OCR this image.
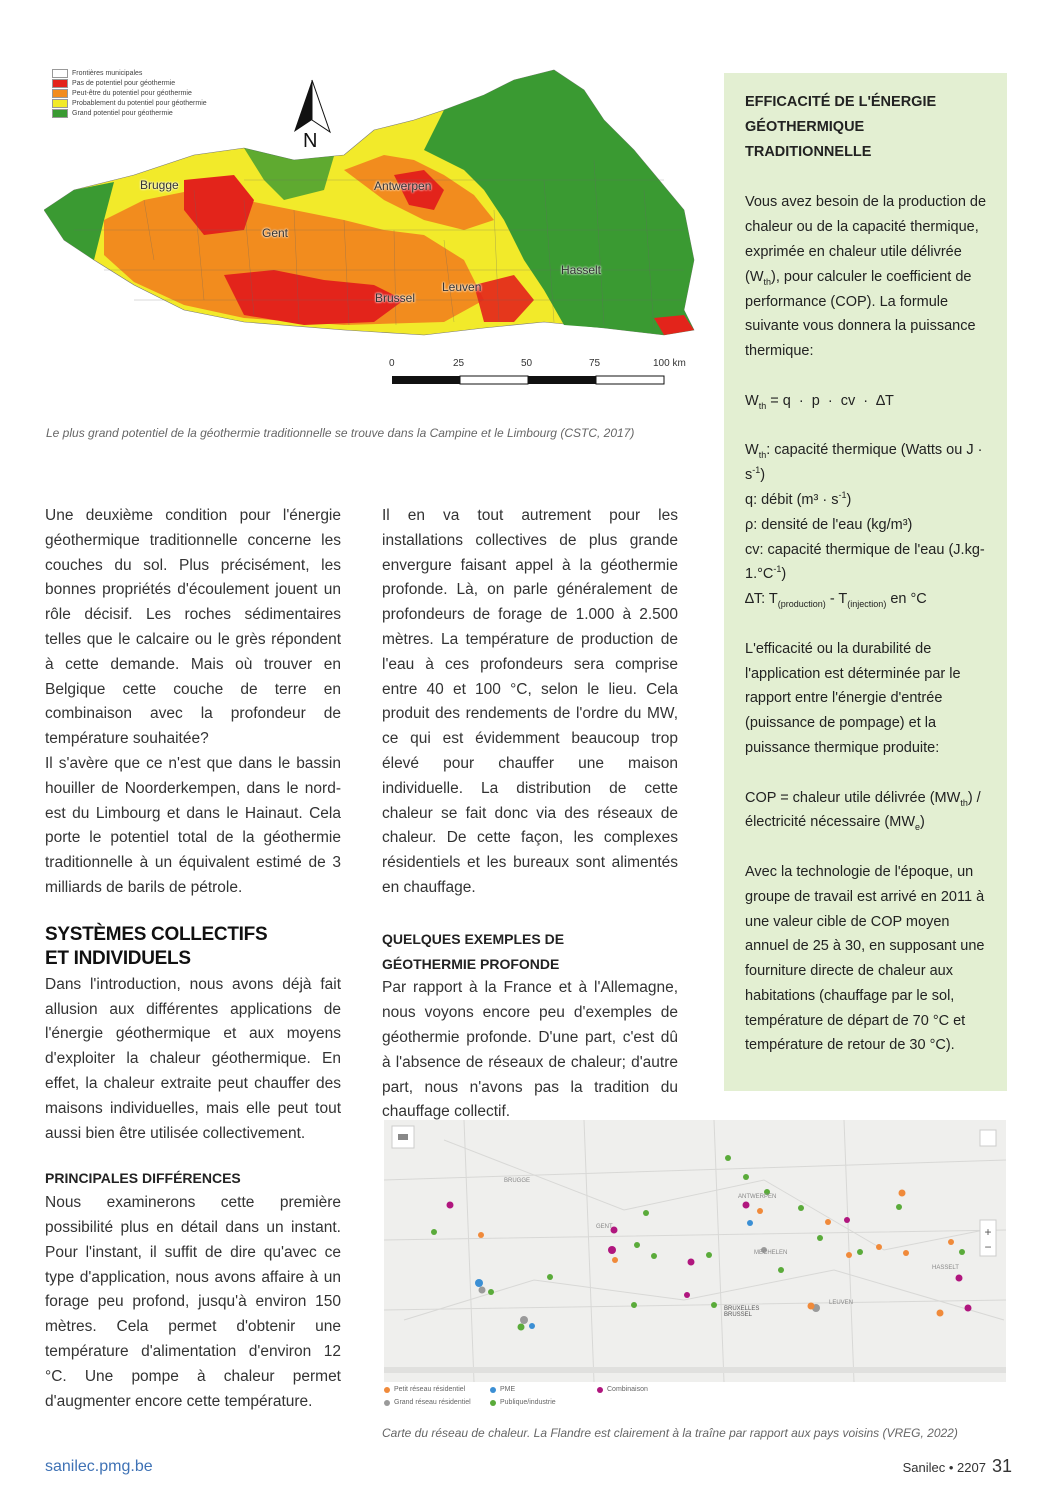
Frontières municipales
Pas de potentiel pour géothermie
Peut-être du potentiel pour géothermie
Probablement du potentiel pour géothermie
Grand potentiel pour géothermie
N
Brugge
Gent
Antwerpen
Hasselt
Brussel
Leuven
0	25	50	75	100 km
Le plus grand potentiel de la géothermie traditionnelle se trouve dans la Campine et le Limbourg (CSTC, 2017)

Une deuxième condition pour l'énergie géothermique traditionnelle concerne les couches du sol. Plus précisément, les bonnes propriétés d'écoulement jouent un rôle décisif. Les roches sédimentaires telles que le calcaire ou le grès répondent à cette demande. Mais où trouver en Belgique cette couche de terre en combinaison avec la profondeur de température souhaitée?

Il s'avère que ce n'est que dans le bassin houiller de Noorderkempen, dans le nord-est du Limbourg et dans le Hainaut. Cela porte le potentiel total de la géothermie traditionnelle à un équivalent estimé de 3 milliards de barils de pétrole.

SYSTÈMES COLLECTIFS
ET INDIVIDUELS

Dans l'introduction, nous avons déjà fait allusion aux différentes applications de l'énergie géothermique et aux moyens d'exploiter la chaleur géothermique. En effet, la chaleur extraite peut chauffer des maisons individuelles, mais elle peut tout aussi bien être utilisée collectivement.

PRINCIPALES DIFFÉRENCES

Nous examinerons cette première possibilité plus en détail dans un instant. Pour l'instant, il suffit de dire qu'avec ce type d'application, nous avons affaire à un forage peu profond, jusqu'à environ 150 mètres. Cela permet d'obtenir une température d'alimentation d'environ 12 °C. Une pompe à chaleur permet d'augmenter encore cette température.

Il en va tout autrement pour les installations collectives de plus grande envergure faisant appel à la géothermie profonde. Là, on parle généralement de profondeurs de forage de 1.000 à 2.500 mètres. La température de production de l'eau à ces profondeurs sera comprise entre 40 et 100 °C, selon le lieu. Cela produit des rendements de l'ordre du MW, ce qui est évidemment beaucoup trop élevé pour chauffer une maison individuelle. La distribution de cette chaleur se fait donc via des réseaux de chaleur. De cette façon, les complexes résidentiels et les bureaux sont alimentés en chauffage.

QUELQUES EXEMPLES DE
GÉOTHERMIE PROFONDE

Par rapport à la France et à l'Allemagne, nous voyons encore peu d'exemples de géothermie profonde. D'une part, c'est dû à l'absence de réseaux de chaleur; d'autre part, nous n'avons pas la tradition du chauffage collectif.

EFFICACITÉ DE L'ÉNERGIE GÉOTHERMIQUE TRADITIONNELLE

Vous avez besoin de la production de chaleur ou de la capacité thermique, exprimée en chaleur utile délivrée $(W_{th})$, pour calculer le coefficient de performance (COP). La formule suivante vous donnera la puissance thermique:

$W_{th} = q \cdot p$  ·  cv  ·  ∆T

$W_{th}$: capacité thermique (Watts ou $J \cdot s^{-1}$)

q: débit $(m^3 \cdot s^{-1})$

ρ: densité de l'eau (kg/m³)

cv: capacité thermique de l'eau $(J.kg-1.^\circ C^{-1})$

∆T: $T_{(production)} - T_{(injection)}$ en °C

L'efficacité ou la durabilité de l'application est déterminée par le rapport entre l'énergie d'entrée (puissance de pompage) et la puissance thermique produite:

COP = chaleur utile délivrée $(MW_{th})$ / électricité nécessaire $(MW_e)$

Avec la technologie de l'époque, un groupe de travail est arrivé en 2011 à une valeur cible de COP moyen annuel de 25 à 30, en supposant une fourniture directe de chaleur aux habitations (chauffage par le sol, température de départ de 70 °C et température de retour de 30 °C).

+
−
BRUGGE
ANTWERPEN
GENT
BRUXELLES BRUSSEL
LEUVEN
HASSELT
MECHELEN
Petit réseau résidentiel	PME	Combinaison
Grand réseau résidentiel	Publique/industrie
Carte du réseau de chaleur. La Flandre est clairement à la traîne par rapport aux pays voisins (VREG, 2022)
sanilec.pmg.be	Sanilec • 2207 31
